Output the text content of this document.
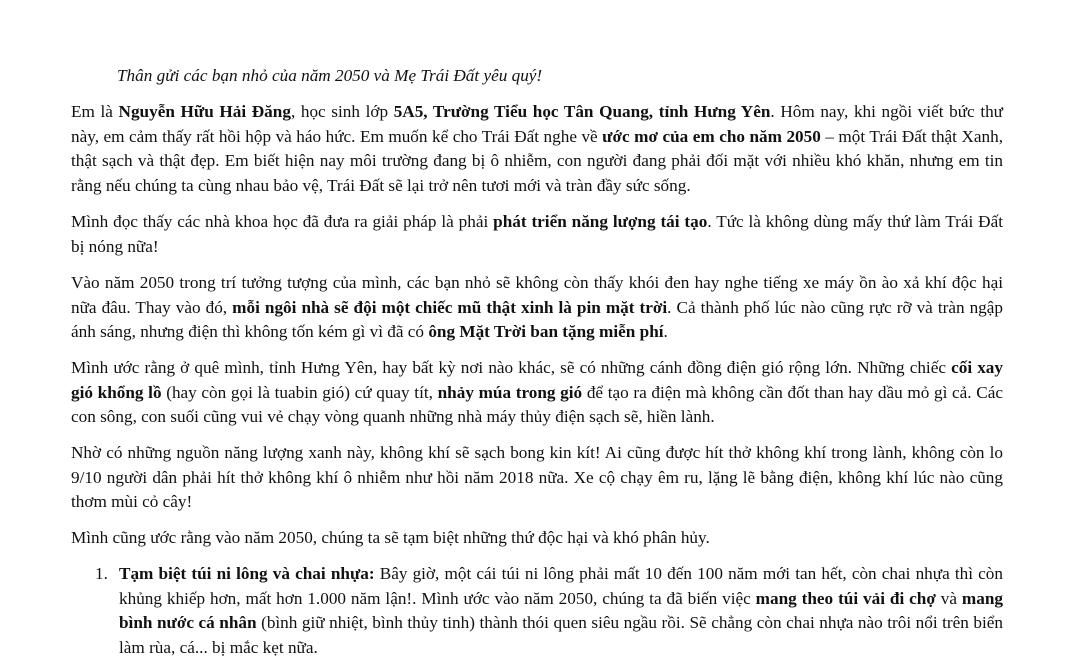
Thân gửi các bạn nhỏ của năm 2050 và Mẹ Trái Đất yêu quý!

Em là Nguyễn Hữu Hải Đăng, học sinh lớp 5A5, Trường Tiểu học Tân Quang, tỉnh Hưng Yên. Hôm nay, khi ngồi viết bức thư này, em cảm thấy rất hồi hộp và háo hức. Em muốn kể cho Trái Đất nghe về ước mơ của em cho năm 2050 – một Trái Đất thật Xanh, thật sạch và thật đẹp. Em biết hiện nay môi trường đang bị ô nhiễm, con người đang phải đối mặt với nhiều khó khăn, nhưng em tin rằng nếu chúng ta cùng nhau bảo vệ, Trái Đất sẽ lại trở nên tươi mới và tràn đầy sức sống.

Mình đọc thấy các nhà khoa học đã đưa ra giải pháp là phải phát triển năng lượng tái tạo. Tức là không dùng mấy thứ làm Trái Đất bị nóng nữa!

Vào năm 2050 trong trí tưởng tượng của mình, các bạn nhỏ sẽ không còn thấy khói đen hay nghe tiếng xe máy ồn ào xả khí độc hại nữa đâu. Thay vào đó, mỗi ngôi nhà sẽ đội một chiếc mũ thật xinh là pin mặt trời. Cả thành phố lúc nào cũng rực rỡ và tràn ngập ánh sáng, nhưng điện thì không tốn kém gì vì đã có ông Mặt Trời ban tặng miễn phí.

Mình ước rằng ở quê mình, tỉnh Hưng Yên, hay bất kỳ nơi nào khác, sẽ có những cánh đồng điện gió rộng lớn. Những chiếc cối xay gió khổng lồ (hay còn gọi là tuabin gió) cứ quay tít, nhảy múa trong gió để tạo ra điện mà không cần đốt than hay dầu mỏ gì cả. Các con sông, con suối cũng vui vẻ chạy vòng quanh những nhà máy thủy điện sạch sẽ, hiền lành.

Nhờ có những nguồn năng lượng xanh này, không khí sẽ sạch bong kin kít! Ai cũng được hít thở không khí trong lành, không còn lo 9/10 người dân phải hít thở không khí ô nhiễm như hồi năm 2018 nữa. Xe cộ chạy êm ru, lặng lẽ bằng điện, không khí lúc nào cũng thơm mùi cỏ cây!

Mình cũng ước rằng vào năm 2050, chúng ta sẽ tạm biệt những thứ độc hại và khó phân hủy.

1. Tạm biệt túi ni lông và chai nhựa: Bây giờ, một cái túi ni lông phải mất 10 đến 100 năm mới tan hết, còn chai nhựa thì còn khủng khiếp hơn, mất hơn 1.000 năm lận!. Mình ước vào năm 2050, chúng ta đã biến việc mang theo túi vải đi chợ và mang bình nước cá nhân (bình giữ nhiệt, bình thủy tinh) thành thói quen siêu ngầu rồi. Sẽ chẳng còn chai nhựa nào trôi nổi trên biển làm rùa, cá... bị mắc kẹt nữa.
